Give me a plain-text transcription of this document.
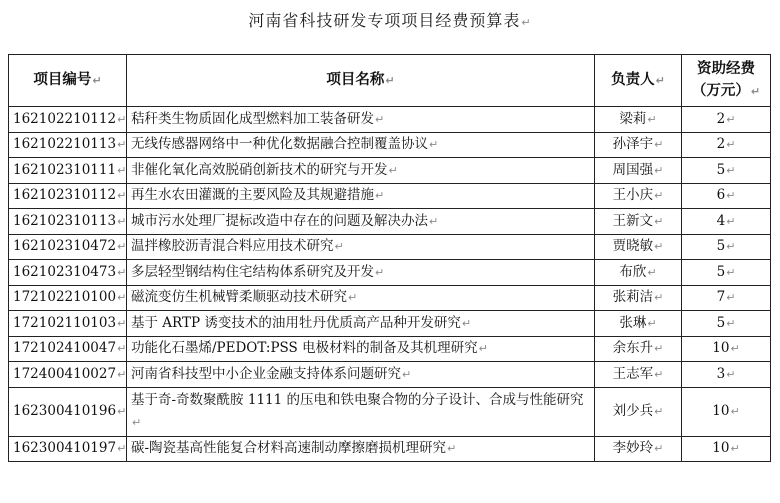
河南省科技研发专项项目经费预算表↵
项目编号↵	项目名称↵	负责人↵	资助经费
（万元）↵
162102210112↵	秸秆类生物质固化成型燃料加工装备研发↵	梁莉↵	2↵
162102210113↵	无线传感器网络中一种优化数据融合控制覆盖协议↵	孙泽宇↵	2↵
162102310111↵	非催化氧化高效脱硝创新技术的研究与开发↵	周国强↵	5↵
162102310112↵	再生水农田灌溉的主要风险及其规避措施↵	王小庆↵	6↵
162102310113↵	城市污水处理厂提标改造中存在的问题及解决办法↵	王新文↵	4↵
162102310472↵	温拌橡胶沥青混合料应用技术研究↵	贾晓敏↵	5↵
162102310473↵	多层轻型钢结构住宅结构体系研究及开发↵	布欣↵	5↵
172102210100↵	磁流变仿生机械臂柔顺驱动技术研究↵	张莉洁↵	7↵
172102110103↵	基于 ARTP 诱变技术的油用牡丹优质高产品种开发研究↵	张琳↵	5↵
172102410047↵	功能化石墨烯/PEDOT:PSS 电极材料的制备及其机理研究↵	余东升↵	10↵
172400410027↵	河南省科技型中小企业金融支持体系问题研究↵	王志军↵	3↵
162300410196↵	基于奇-奇数聚酰胺 1111 的压电和铁电聚合物的分子设计、合成与性能研究↵	刘少兵↵	10↵
162300410197↵	碳-陶瓷基高性能复合材料高速制动摩擦磨损机理研究↵	李妙玲↵	10↵
